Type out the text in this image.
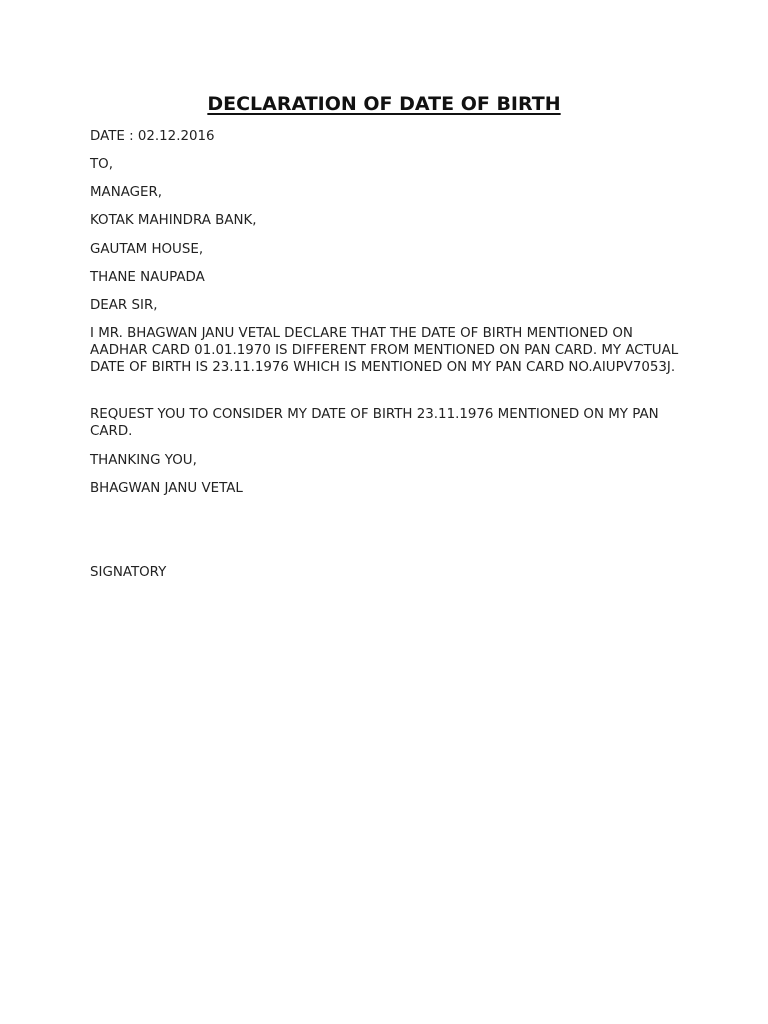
DECLARATION OF DATE OF BIRTH

DATE : 02.12.2016

TO,

MANAGER,

KOTAK MAHINDRA BANK,

GAUTAM HOUSE,

THANE NAUPADA

DEAR SIR,

I MR. BHAGWAN JANU VETAL DECLARE THAT THE DATE OF BIRTH MENTIONED ON AADHAR CARD 01.01.1970 IS DIFFERENT FROM MENTIONED ON PAN CARD. MY ACTUAL DATE OF BIRTH IS 23.11.1976 WHICH IS MENTIONED ON MY PAN CARD NO.AIUPV7053J.

REQUEST YOU TO CONSIDER MY DATE OF BIRTH 23.11.1976 MENTIONED ON MY PAN CARD.

THANKING YOU,

BHAGWAN JANU VETAL

SIGNATORY
